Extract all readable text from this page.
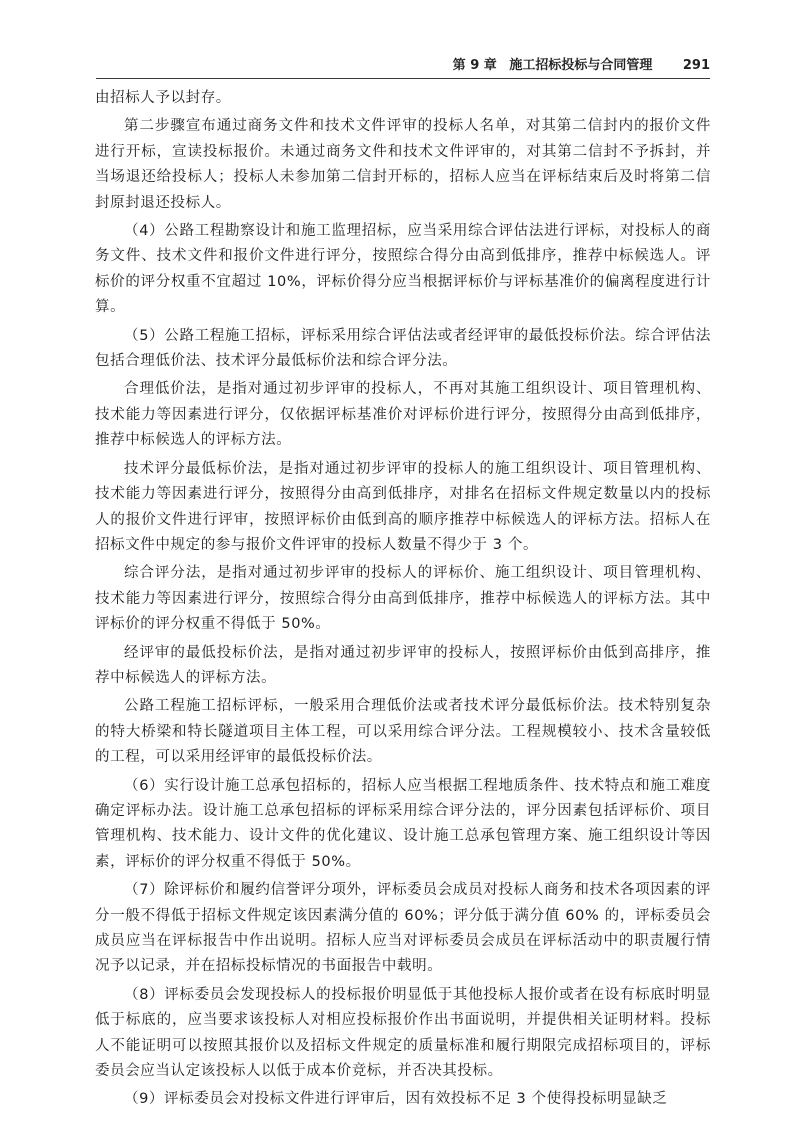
第 9 章 施工招标投标与合同管理 291

由招标人予以封存。

第二步骤宣布通过商务文件和技术文件评审的投标人名单，对其第二信封内的报价文件进行开标，宣读投标报价。未通过商务文件和技术文件评审的，对其第二信封不予拆封，并当场退还给投标人；投标人未参加第二信封开标的，招标人应当在评标结束后及时将第二信封原封退还投标人。

（4）公路工程勘察设计和施工监理招标，应当采用综合评估法进行评标，对投标人的商务文件、技术文件和报价文件进行评分，按照综合得分由高到低排序，推荐中标候选人。评标价的评分权重不宜超过 10%，评标价得分应当根据评标价与评标基准价的偏离程度进行计算。

（5）公路工程施工招标，评标采用综合评估法或者经评审的最低投标价法。综合评估法包括合理低价法、技术评分最低标价法和综合评分法。

合理低价法，是指对通过初步评审的投标人，不再对其施工组织设计、项目管理机构、技术能力等因素进行评分，仅依据评标基准价对评标价进行评分，按照得分由高到低排序，推荐中标候选人的评标方法。

技术评分最低标价法，是指对通过初步评审的投标人的施工组织设计、项目管理机构、技术能力等因素进行评分，按照得分由高到低排序，对排名在招标文件规定数量以内的投标人的报价文件进行评审，按照评标价由低到高的顺序推荐中标候选人的评标方法。招标人在招标文件中规定的参与报价文件评审的投标人数量不得少于 3 个。

综合评分法，是指对通过初步评审的投标人的评标价、施工组织设计、项目管理机构、技术能力等因素进行评分，按照综合得分由高到低排序，推荐中标候选人的评标方法。其中评标价的评分权重不得低于 50%。

经评审的最低投标价法，是指对通过初步评审的投标人，按照评标价由低到高排序，推荐中标候选人的评标方法。

公路工程施工招标评标，一般采用合理低价法或者技术评分最低标价法。技术特别复杂的特大桥梁和特长隧道项目主体工程，可以采用综合评分法。工程规模较小、技术含量较低的工程，可以采用经评审的最低投标价法。

（6）实行设计施工总承包招标的，招标人应当根据工程地质条件、技术特点和施工难度确定评标办法。设计施工总承包招标的评标采用综合评分法的，评分因素包括评标价、项目管理机构、技术能力、设计文件的优化建议、设计施工总承包管理方案、施工组织设计等因素，评标价的评分权重不得低于 50%。

（7）除评标价和履约信誉评分项外，评标委员会成员对投标人商务和技术各项因素的评分一般不得低于招标文件规定该因素满分值的 60%；评分低于满分值 60% 的，评标委员会成员应当在评标报告中作出说明。招标人应当对评标委员会成员在评标活动中的职责履行情况予以记录，并在招标投标情况的书面报告中载明。

（8）评标委员会发现投标人的投标报价明显低于其他投标人报价或者在设有标底时明显低于标底的，应当要求该投标人对相应投标报价作出书面说明，并提供相关证明材料。投标人不能证明可以按照其报价以及招标文件规定的质量标准和履行期限完成招标项目的，评标委员会应当认定该投标人以低于成本价竞标，并否决其投标。

（9）评标委员会对投标文件进行评审后，因有效投标不足 3 个使得投标明显缺乏
